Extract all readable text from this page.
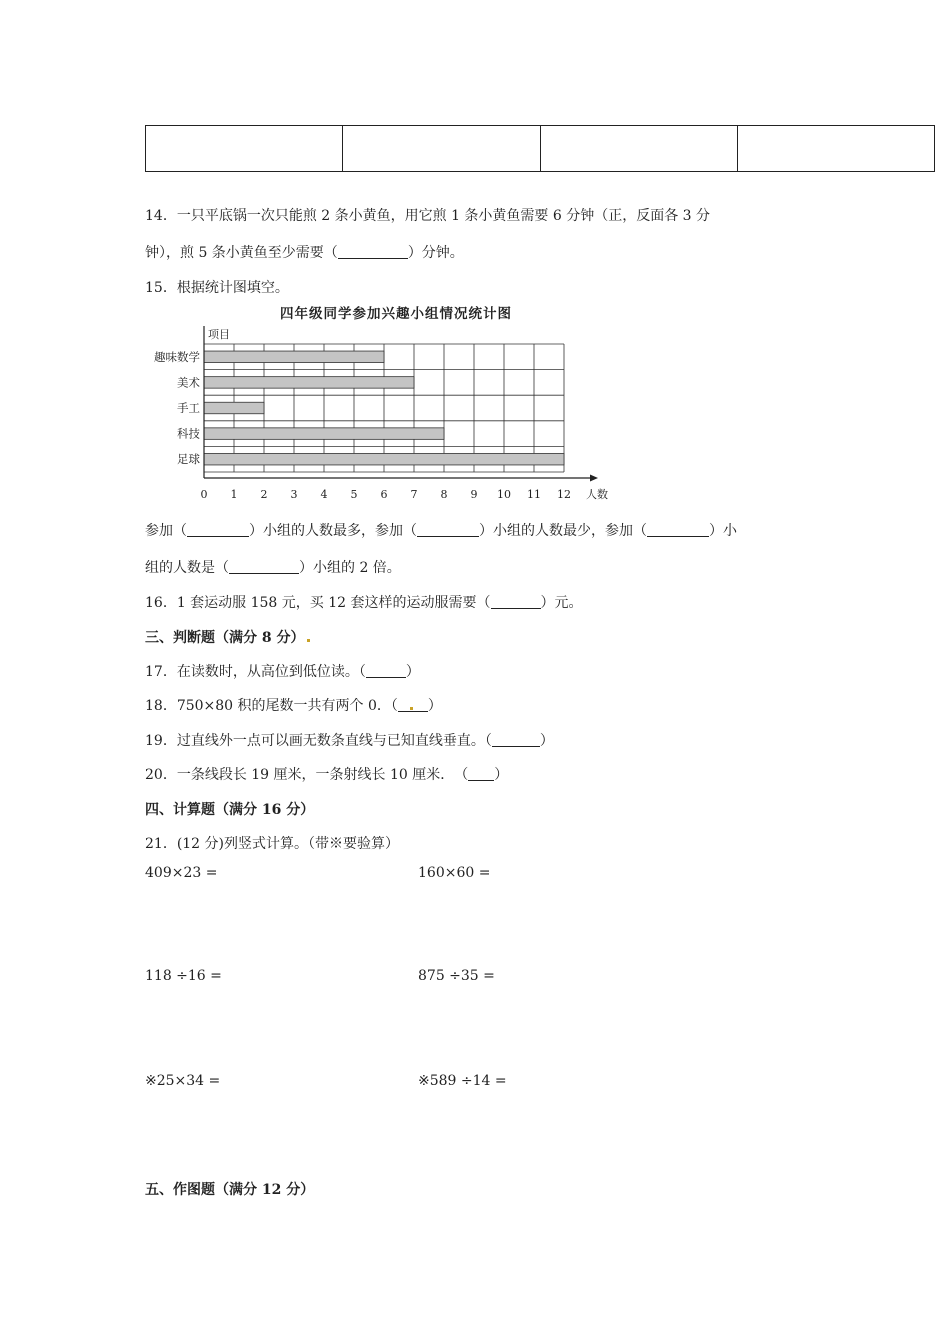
14．一只平底锅一次只能煎 2 条小黄鱼，用它煎 1 条小黄鱼需要 6 分钟（正，反面各 3 分
钟），煎 5 条小黄鱼至少需要（	）分钟。
15．根据统计图填空。
四年级同学参加兴趣小组情况统计图
项目
人数
趣味数学
美术
手工
科技
足球
0 1 2 3 4 5 6 7 8 9 10 11 12
参加（	）小组的人数最多，参加（	）小组的人数最少，参加（	）小
组的人数是（	）小组的 2 倍。
16．1 套运动服 158 元，买 12 套这样的运动服需要（	）元。
三、判断题（满分 8 分）
17．在读数时，从高位到低位读。（	）
18．750×80 积的尾数一共有两个 0．（ ）
19．过直线外一点可以画无数条直线与已知直线垂直。（	）
20．一条线段长 19 厘米，一条射线长 10 厘米．　（ ）
四、计算题（满分 16 分）
21．(12 分)列竖式计算。（带※要验算）
409×23 =	160×60 =
118 ÷16 =	875 ÷35 =
※25×34 =	※589 ÷14 =
五、作图题（满分 12 分）
